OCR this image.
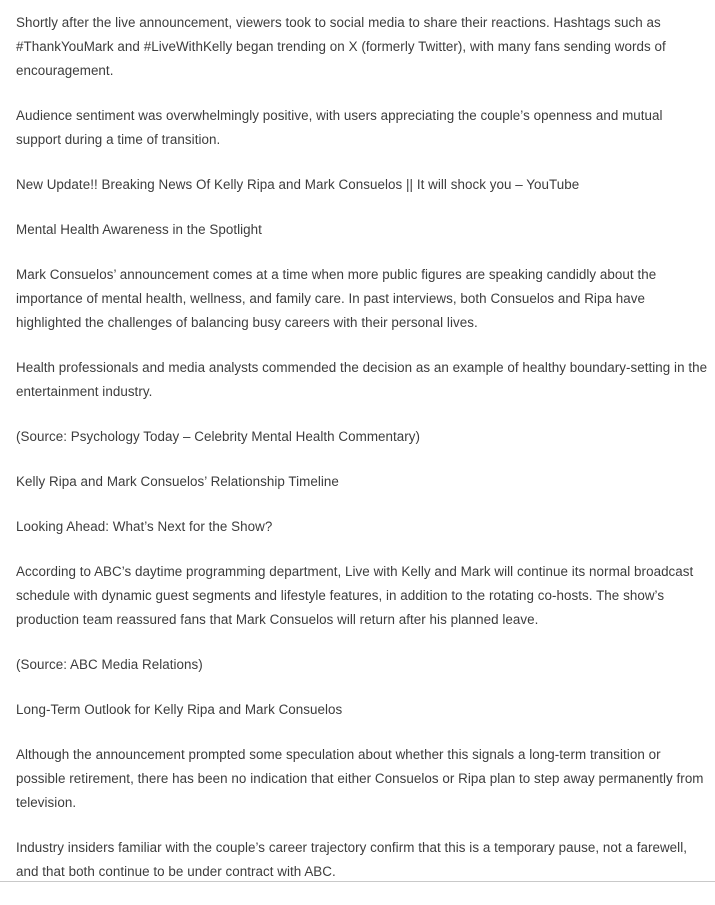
Shortly after the live announcement, viewers took to social media to share their reactions. Hashtags such as #ThankYouMark and #LiveWithKelly began trending on X (formerly Twitter), with many fans sending words of encouragement.

Audience sentiment was overwhelmingly positive, with users appreciating the couple’s openness and mutual support during a time of transition.

New Update!! Breaking News Of Kelly Ripa and Mark Consuelos || It will shock you – YouTube

Mental Health Awareness in the Spotlight

Mark Consuelos’ announcement comes at a time when more public figures are speaking candidly about the importance of mental health, wellness, and family care. In past interviews, both Consuelos and Ripa have highlighted the challenges of balancing busy careers with their personal lives.

Health professionals and media analysts commended the decision as an example of healthy boundary-setting in the entertainment industry.

(Source: Psychology Today – Celebrity Mental Health Commentary)

Kelly Ripa and Mark Consuelos’ Relationship Timeline

Looking Ahead: What’s Next for the Show?

According to ABC’s daytime programming department, Live with Kelly and Mark will continue its normal broadcast schedule with dynamic guest segments and lifestyle features, in addition to the rotating co-hosts. The show’s production team reassured fans that Mark Consuelos will return after his planned leave.

(Source: ABC Media Relations)

Long-Term Outlook for Kelly Ripa and Mark Consuelos

Although the announcement prompted some speculation about whether this signals a long-term transition or possible retirement, there has been no indication that either Consuelos or Ripa plan to step away permanently from television.

Industry insiders familiar with the couple’s career trajectory confirm that this is a temporary pause, not a farewell, and that both continue to be under contract with ABC.
